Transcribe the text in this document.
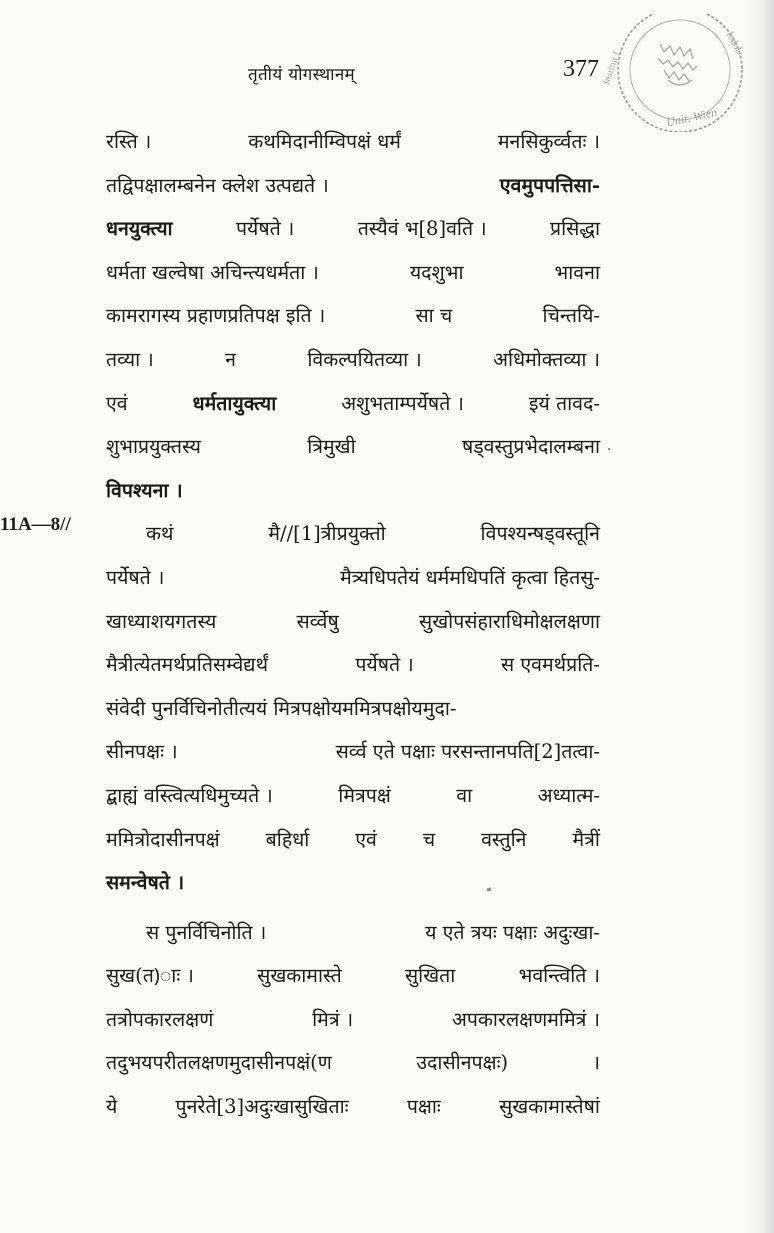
तृतीयं योगस्थानम्	377 Institut f.
Indol.
Unir. Wien
11A—8//
रस्ति ।	कथमिदानीम्विपक्षं धर्मं	मनसिकुर्व्वतः ।
तद्विपक्षालम्बनेन क्लेश उत्पद्यते ।	एवमुपपत्तिसा-
धनयुक्त्या	पर्येषते ।	तस्यैवं भ[8]वति ।	प्रसिद्धा
धर्मता खल्वेषा अचिन्त्यधर्मता ।	यदशुभा	भावना
कामरागस्य प्रहाणप्रतिपक्ष इति ।	सा च	चिन्तयि-
तव्या ।	न	विकल्पयितव्या ।	अधिमोक्तव्या ।
एवं	धर्मतायुक्त्या	अशुभताम्पर्येषते ।	इयं तावद-
शुभाप्रयुक्तस्य	त्रिमुखी	षड्वस्तुप्रभेदालम्बना
विपश्यना ।
कथं	मै//[1]त्रीप्रयुक्तो	विपश्यन्षड्वस्तूनि
पर्येषते ।	मैत्र्यधिपतेयं धर्ममधिपतिं कृत्वा हितसु-
खाध्याशयगतस्य	सर्व्वेषु	सुखोपसंहाराधिमोक्षलक्षणा
मैत्रीत्येतमर्थप्रतिसम्वेद्यर्थं	पर्येषते ।	स एवमर्थप्रति-
संवेदी पुनर्विचिनोतीत्ययं मित्रपक्षोयममित्रपक्षोयमुदा-
सीनपक्षः ।	सर्व्व एते पक्षाः परसन्तानपति[2]तत्वा-
द्बाह्यं वस्त्वित्यधिमुच्यते ।	मित्रपक्षं	वा	अध्यात्म-
ममित्रोदासीनपक्षं बहिर्धा एवं च वस्तुनि मैत्रीं
समन्वेषते ।
स पुनर्विचिनोति ।	य एते त्रयः पक्षाः अदुःखा-
सुख(त)ाः ।	सुखकामास्ते	सुखिता	भवन्त्विति ।
तत्रोपकारलक्षणं	मित्रं ।	अपकारलक्षणममित्रं ।
तदुभयपरीतलक्षणमुदासीनपक्षं(ण	उदासीनपक्षः)	।
ये	पुनरेते[3]अदुःखासुखिताः	पक्षाः	सुखकामास्तेषां
